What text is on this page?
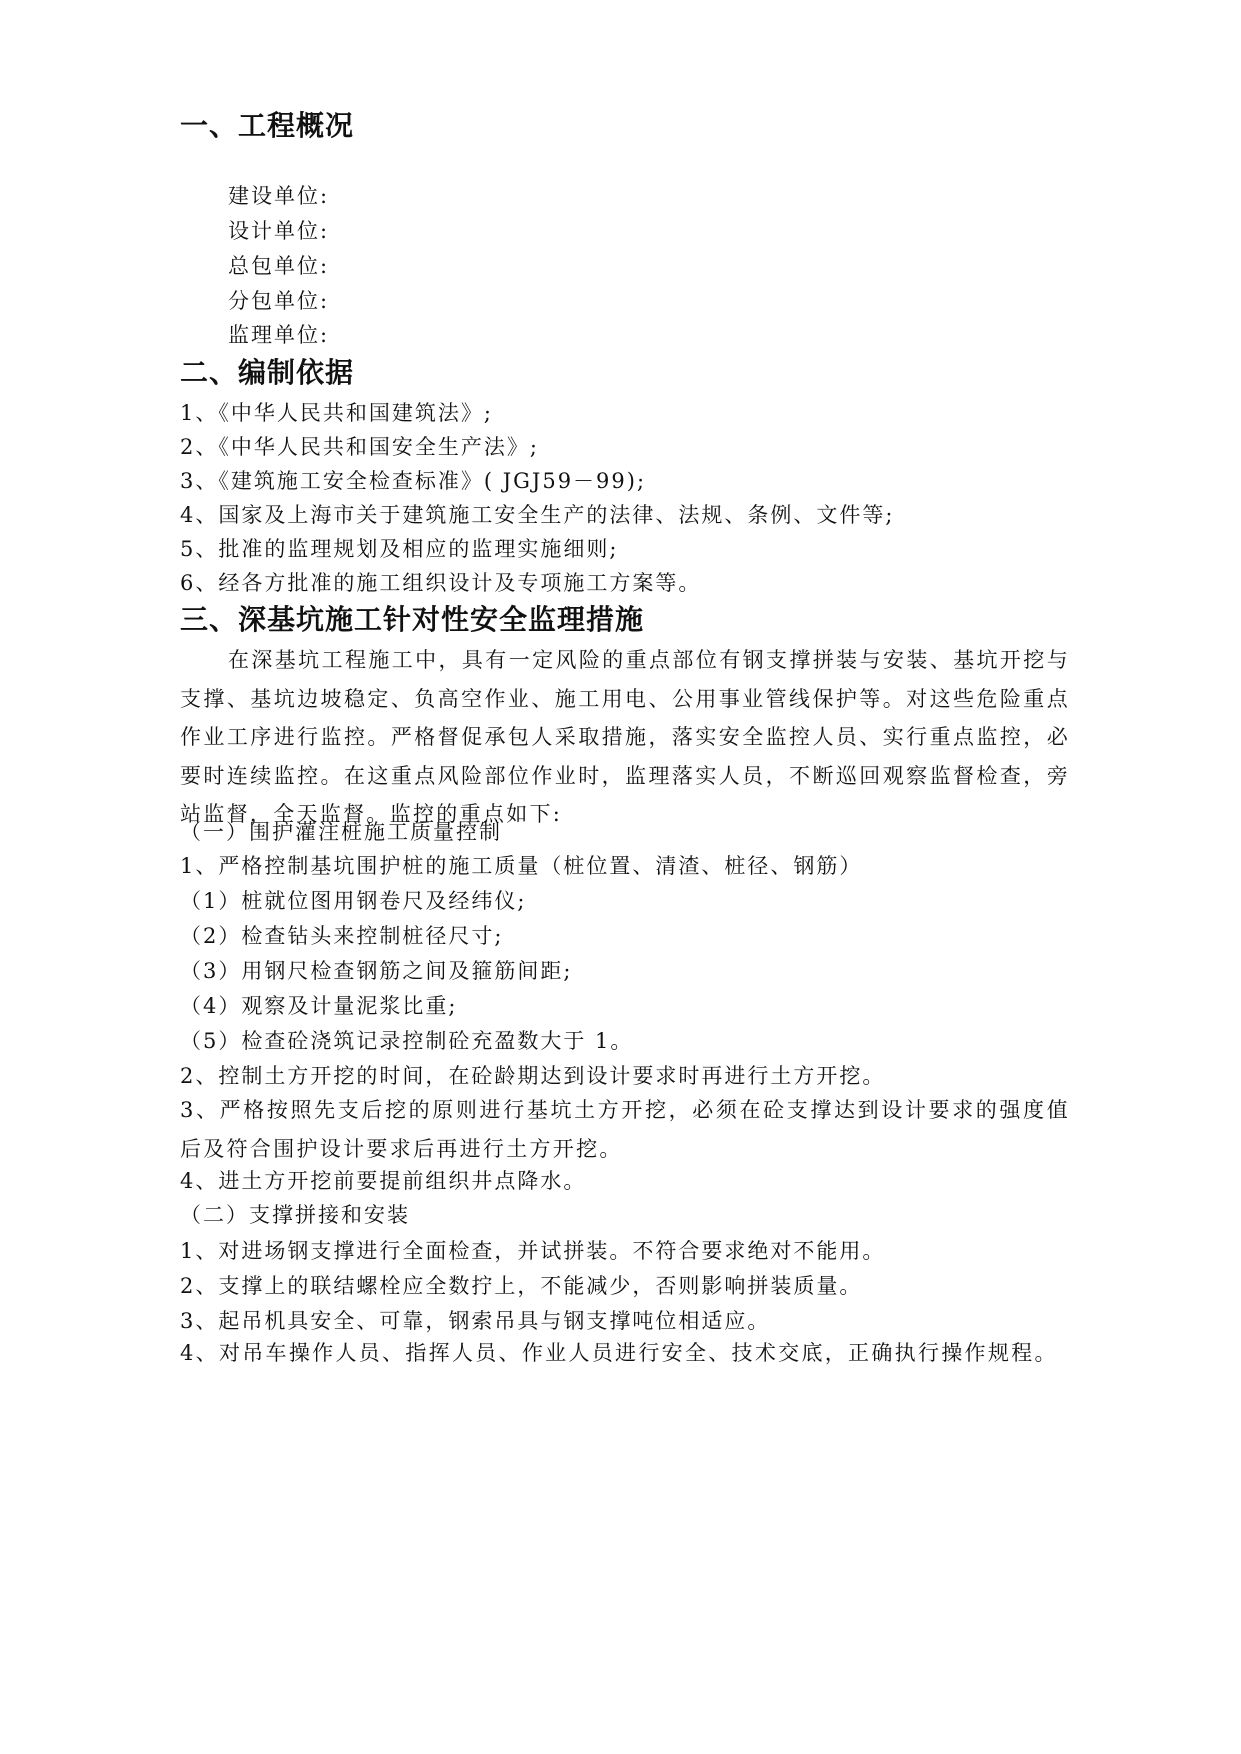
一、工程概况
建设单位:
设计单位:
总包单位:
分包单位:
监理单位:
二、编制依据
1、《中华人民共和国建筑法》;
2、《中华人民共和国安全生产法》;
3、《建筑施工安全检查标准》( JGJ59－99);
4、国家及上海市关于建筑施工安全生产的法律、法规、条例、文件等;
5、批准的监理规划及相应的监理实施细则;
6、经各方批准的施工组织设计及专项施工方案等。
三、深基坑施工针对性安全监理措施
在深基坑工程施工中，具有一定风险的重点部位有钢支撑拼装与安装、基坑开挖与支撑、基坑边坡稳定、负高空作业、施工用电、公用事业管线保护等。对这些危险重点作业工序进行监控。严格督促承包人采取措施，落实安全监控人员、实行重点监控，必要时连续监控。在这重点风险部位作业时，监理落实人员，不断巡回观察监督检查，旁站监督，全天监督。监控的重点如下:
（一）围护灌注桩施工质量控制
1、严格控制基坑围护桩的施工质量（桩位置、清渣、桩径、钢筋）
（1）桩就位图用钢卷尺及经纬仪;
（2）检查钻头来控制桩径尺寸;
（3）用钢尺检查钢筋之间及箍筋间距;
（4）观察及计量泥浆比重;
（5）检查砼浇筑记录控制砼充盈数大于 1。
2、控制土方开挖的时间，在砼龄期达到设计要求时再进行土方开挖。
3、严格按照先支后挖的原则进行基坑土方开挖，必须在砼支撑达到设计要求的强度值后及符合围护设计要求后再进行土方开挖。
4、进土方开挖前要提前组织井点降水。
（二）支撑拼接和安装
1、对进场钢支撑进行全面检查，并试拼装。不符合要求绝对不能用。
2、支撑上的联结螺栓应全数拧上，不能减少，否则影响拼装质量。
3、起吊机具安全、可靠，钢索吊具与钢支撑吨位相适应。
4、对吊车操作人员、指挥人员、作业人员进行安全、技术交底，正确执行操作规程。
